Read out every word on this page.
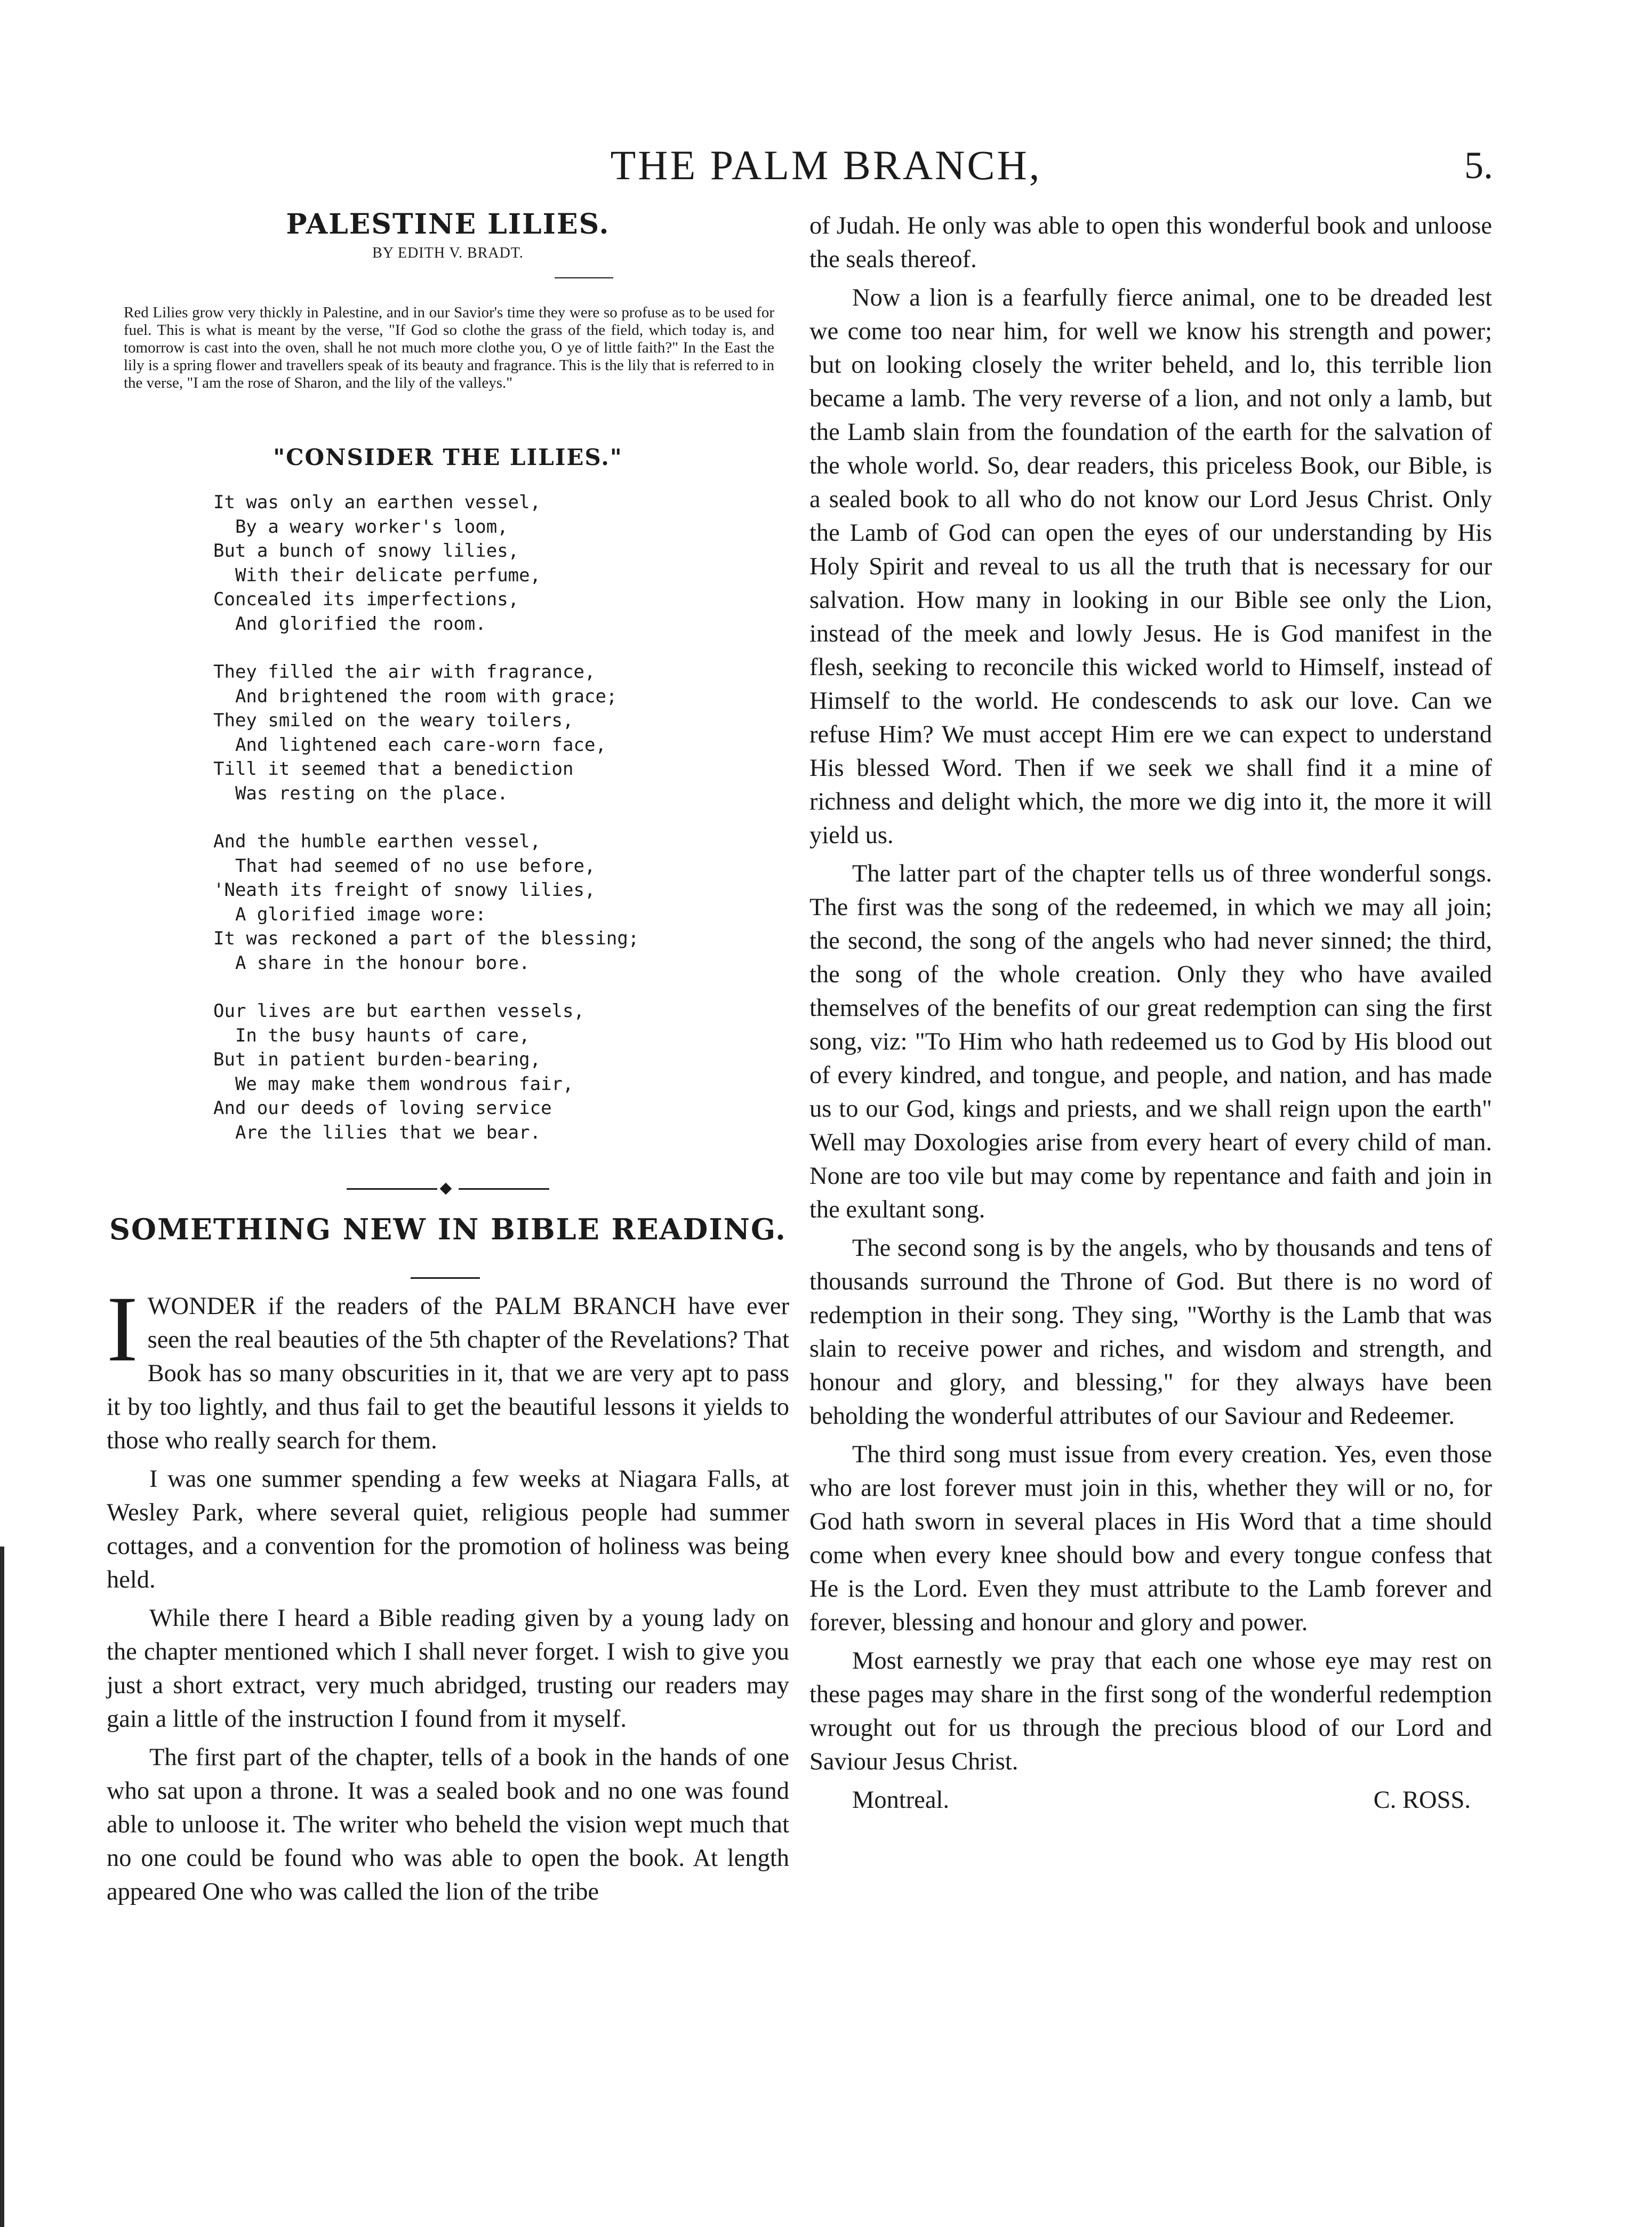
THE PALM BRANCH,	5.
PALESTINE LILIES.
BY EDITH V. BRADT.
Red Lilies grow very thickly in Palestine, and in our Savior's time they were so profuse as to be used for fuel. This is what is meant by the verse, "If God so clothe the grass of the field, which today is, and tomorrow is cast into the oven, shall he not much more clothe you, O ye of little faith?" In the East the lily is a spring flower and travellers speak of its beauty and fragrance. This is the lily that is referred to in the verse, "I am the rose of Sharon, and the lily of the valleys."
"CONSIDER THE LILIES."
It was only an earthen vessel,
By a weary worker's loom,
But a bunch of snowy lilies,
With their delicate perfume,
Concealed its imperfections,
And glorified the room.
They filled the air with fragrance,
And brightened the room with grace;
They smiled on the weary toilers,
And lightened each care-worn face,
Till it seemed that a benediction
Was resting on the place.
And the humble earthen vessel,
That had seemed of no use before,
'Neath its freight of snowy lilies,
A glorified image wore:
It was reckoned a part of the blessing;
A share in the honour bore.
Our lives are but earthen vessels,
In the busy haunts of care,
But in patient burden-bearing,
We may make them wondrous fair,
And our deeds of loving service
Are the lilies that we bear.
SOMETHING NEW IN BIBLE READING.

IWONDER if the readers of the PALM BRANCH have ever seen the real beauties of the 5th chapter of the Revelations? That Book has so many obscurities in it, that we are very apt to pass it by too lightly, and thus fail to get the beautiful lessons it yields to those who really search for them.

I was one summer spending a few weeks at Niagara Falls, at Wesley Park, where several quiet, religious people had summer cottages, and a convention for the promotion of holiness was being held.

While there I heard a Bible reading given by a young lady on the chapter mentioned which I shall never forget. I wish to give you just a short extract, very much abridged, trusting our readers may gain a little of the instruction I found from it myself.

The first part of the chapter, tells of a book in the hands of one who sat upon a throne. It was a sealed book and no one was found able to unloose it. The writer who beheld the vision wept much that no one could be found who was able to open the book. At length appeared One who was called the lion of the tribe

of Judah. He only was able to open this wonderful book and unloose the seals thereof.

Now a lion is a fearfully fierce animal, one to be dreaded lest we come too near him, for well we know his strength and power; but on looking closely the writer beheld, and lo, this terrible lion became a lamb. The very reverse of a lion, and not only a lamb, but the Lamb slain from the foundation of the earth for the salvation of the whole world. So, dear readers, this priceless Book, our Bible, is a sealed book to all who do not know our Lord Jesus Christ. Only the Lamb of God can open the eyes of our understanding by His Holy Spirit and reveal to us all the truth that is necessary for our salvation. How many in looking in our Bible see only the Lion, instead of the meek and lowly Jesus. He is God manifest in the flesh, seeking to reconcile this wicked world to Himself, instead of Himself to the world. He condescends to ask our love. Can we refuse Him? We must accept Him ere we can expect to understand His blessed Word. Then if we seek we shall find it a mine of richness and delight which, the more we dig into it, the more it will yield us.

The latter part of the chapter tells us of three wonderful songs. The first was the song of the redeemed, in which we may all join; the second, the song of the angels who had never sinned; the third, the song of the whole creation. Only they who have availed themselves of the benefits of our great redemption can sing the first song, viz: "To Him who hath redeemed us to God by His blood out of every kindred, and tongue, and people, and nation, and has made us to our God, kings and priests, and we shall reign upon the earth" Well may Doxologies arise from every heart of every child of man. None are too vile but may come by repentance and faith and join in the exultant song.

The second song is by the angels, who by thousands and tens of thousands surround the Throne of God. But there is no word of redemption in their song. They sing, "Worthy is the Lamb that was slain to receive power and riches, and wisdom and strength, and honour and glory, and blessing," for they always have been beholding the wonderful attributes of our Saviour and Redeemer.

The third song must issue from every creation. Yes, even those who are lost forever must join in this, whether they will or no, for God hath sworn in several places in His Word that a time should come when every knee should bow and every tongue confess that He is the Lord. Even they must attribute to the Lamb forever and forever, blessing and honour and glory and power.

Most earnestly we pray that each one whose eye may rest on these pages may share in the first song of the wonderful redemption wrought out for us through the precious blood of our Lord and Saviour Jesus Christ.

Montreal.	C. ROSS.
